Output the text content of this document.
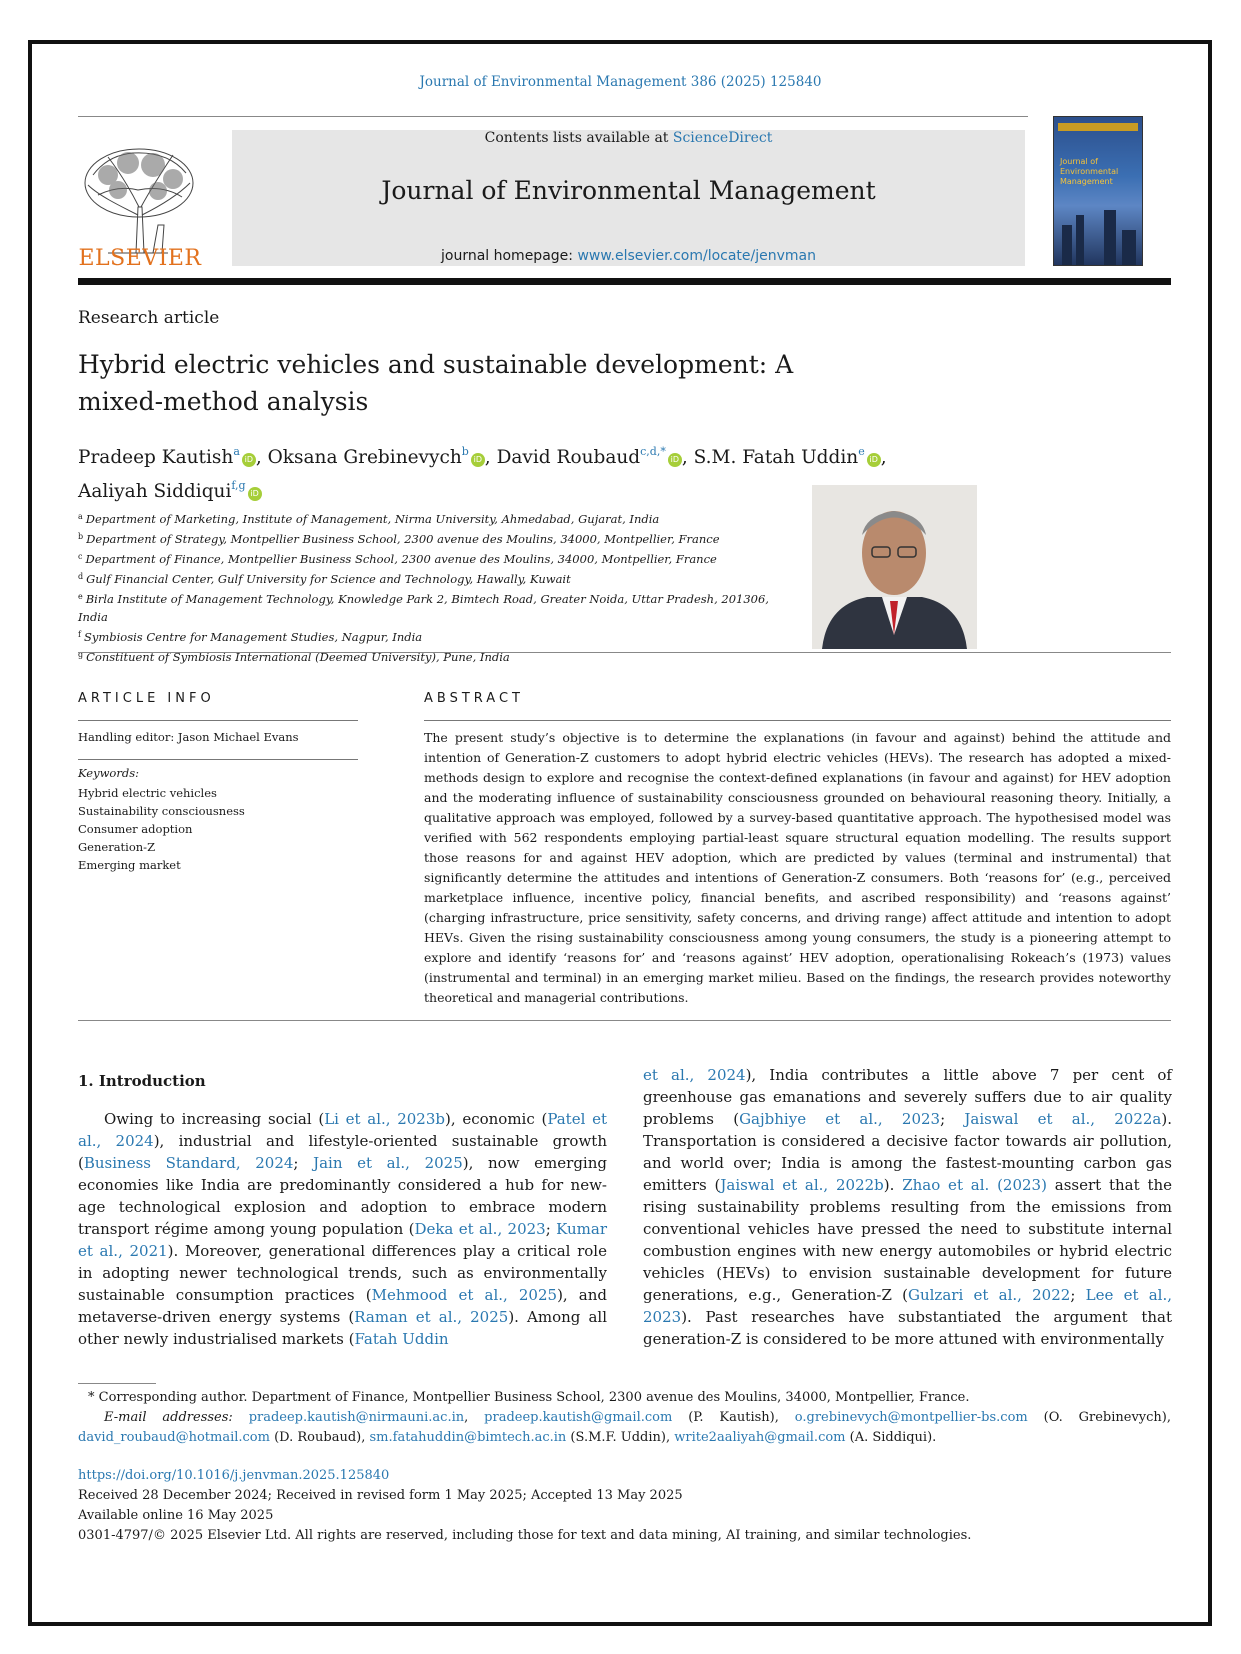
Journal of Environmental Management 386 (2025) 125840
ELSEVIER
Contents lists available at ScienceDirect
Journal of Environmental Management
journal homepage: www.elsevier.com/locate/jenvman
Journal of Environmental Management
Research article
Hybrid electric vehicles and sustainable development: A mixed-method analysis
Pradeep Kautish$^a$iD , Oksana Grebinevych$^b$iD , David Roubaud$^{c,d,*}$iD , S.M. Fatah Uddin$^e$iD ,
Aaliyah Siddiqui$^{f,g}$iD
$^a$ Department of Marketing, Institute of Management, Nirma University, Ahmedabad, Gujarat, India
$^b$ Department of Strategy, Montpellier Business School, 2300 avenue des Moulins, 34000, Montpellier, France
$^c$ Department of Finance, Montpellier Business School, 2300 avenue des Moulins, 34000, Montpellier, France
$^d$ Gulf Financial Center, Gulf University for Science and Technology, Hawally, Kuwait
$^e$ Birla Institute of Management Technology, Knowledge Park 2, Bimtech Road, Greater Noida, Uttar Pradesh, 201306, India
$^f$ Symbiosis Centre for Management Studies, Nagpur, India
$^g$ Constituent of Symbiosis International (Deemed University), Pune, India
ARTICLE INFO	ABSTRACT
Handling editor: Jason Michael Evans
Keywords:
Hybrid electric vehicles
Sustainability consciousness
Consumer adoption
Generation-Z
Emerging market
The present study’s objective is to determine the explanations (in favour and against) behind the attitude and intention of Generation-Z customers to adopt hybrid electric vehicles (HEVs). The research has adopted a mixed-methods design to explore and recognise the context-defined explanations (in favour and against) for HEV adoption and the moderating influence of sustainability consciousness grounded on behavioural reasoning theory. Initially, a qualitative approach was employed, followed by a survey-based quantitative approach. The hypothesised model was verified with 562 respondents employing partial-least square structural equation modelling. The results support those reasons for and against HEV adoption, which are predicted by values (terminal and instrumental) that significantly determine the attitudes and intentions of Generation-Z consumers. Both ‘reasons for’ (e.g., perceived marketplace influence, incentive policy, financial benefits, and ascribed responsibility) and ‘reasons against’ (charging infrastructure, price sensitivity, safety concerns, and driving range) affect attitude and intention to adopt HEVs. Given the rising sustainability consciousness among young consumers, the study is a pioneering attempt to explore and identify ‘reasons for’ and ‘reasons against’ HEV adoption, operationalising Rokeach’s (1973) values (instrumental and terminal) in an emerging market milieu. Based on the findings, the research provides noteworthy theoretical and managerial contributions.
1. Introduction

Owing to increasing social (Li et al., 2023b), economic (Patel et al., 2024), industrial and lifestyle-oriented sustainable growth (Business Standard, 2024; Jain et al., 2025), now emerging economies like India are predominantly considered a hub for new-age technological explosion and adoption to embrace modern transport régime among young population (Deka et al., 2023; Kumar et al., 2021). Moreover, generational differences play a critical role in adopting newer technological trends, such as environmentally sustainable consumption practices (Mehmood et al., 2025), and metaverse-driven energy systems (Raman et al., 2025). Among all other newly industrialised markets (Fatah Uddin

et al., 2024), India contributes a little above 7 per cent of greenhouse gas emanations and severely suffers due to air quality problems (Gajbhiye et al., 2023; Jaiswal et al., 2022a). Transportation is considered a decisive factor towards air pollution, and world over; India is among the fastest-mounting carbon gas emitters (Jaiswal et al., 2022b). Zhao et al. (2023) assert that the rising sustainability problems resulting from the emissions from conventional vehicles have pressed the need to substitute internal combustion engines with new energy automobiles or hybrid electric vehicles (HEVs) to envision sustainable development for future generations, e.g., Generation-Z (Gulzari et al., 2022; Lee et al., 2023). Past researches have substantiated the argument that generation-Z is considered to be more attuned with environmentally

* Corresponding author. Department of Finance, Montpellier Business School, 2300 avenue des Moulins, 34000, Montpellier, France.
E-mail addresses: pradeep.kautish@nirmauni.ac.in, pradeep.kautish@gmail.com (P. Kautish), o.grebinevych@montpellier-bs.com (O. Grebinevych), david_roubaud@hotmail.com (D. Roubaud), sm.fatahuddin@bimtech.ac.in (S.M.F. Uddin), write2aaliyah@gmail.com (A. Siddiqui).
https://doi.org/10.1016/j.jenvman.2025.125840
Received 28 December 2024; Received in revised form 1 May 2025; Accepted 13 May 2025
Available online 16 May 2025
0301-4797/© 2025 Elsevier Ltd. All rights are reserved, including those for text and data mining, AI training, and similar technologies.
